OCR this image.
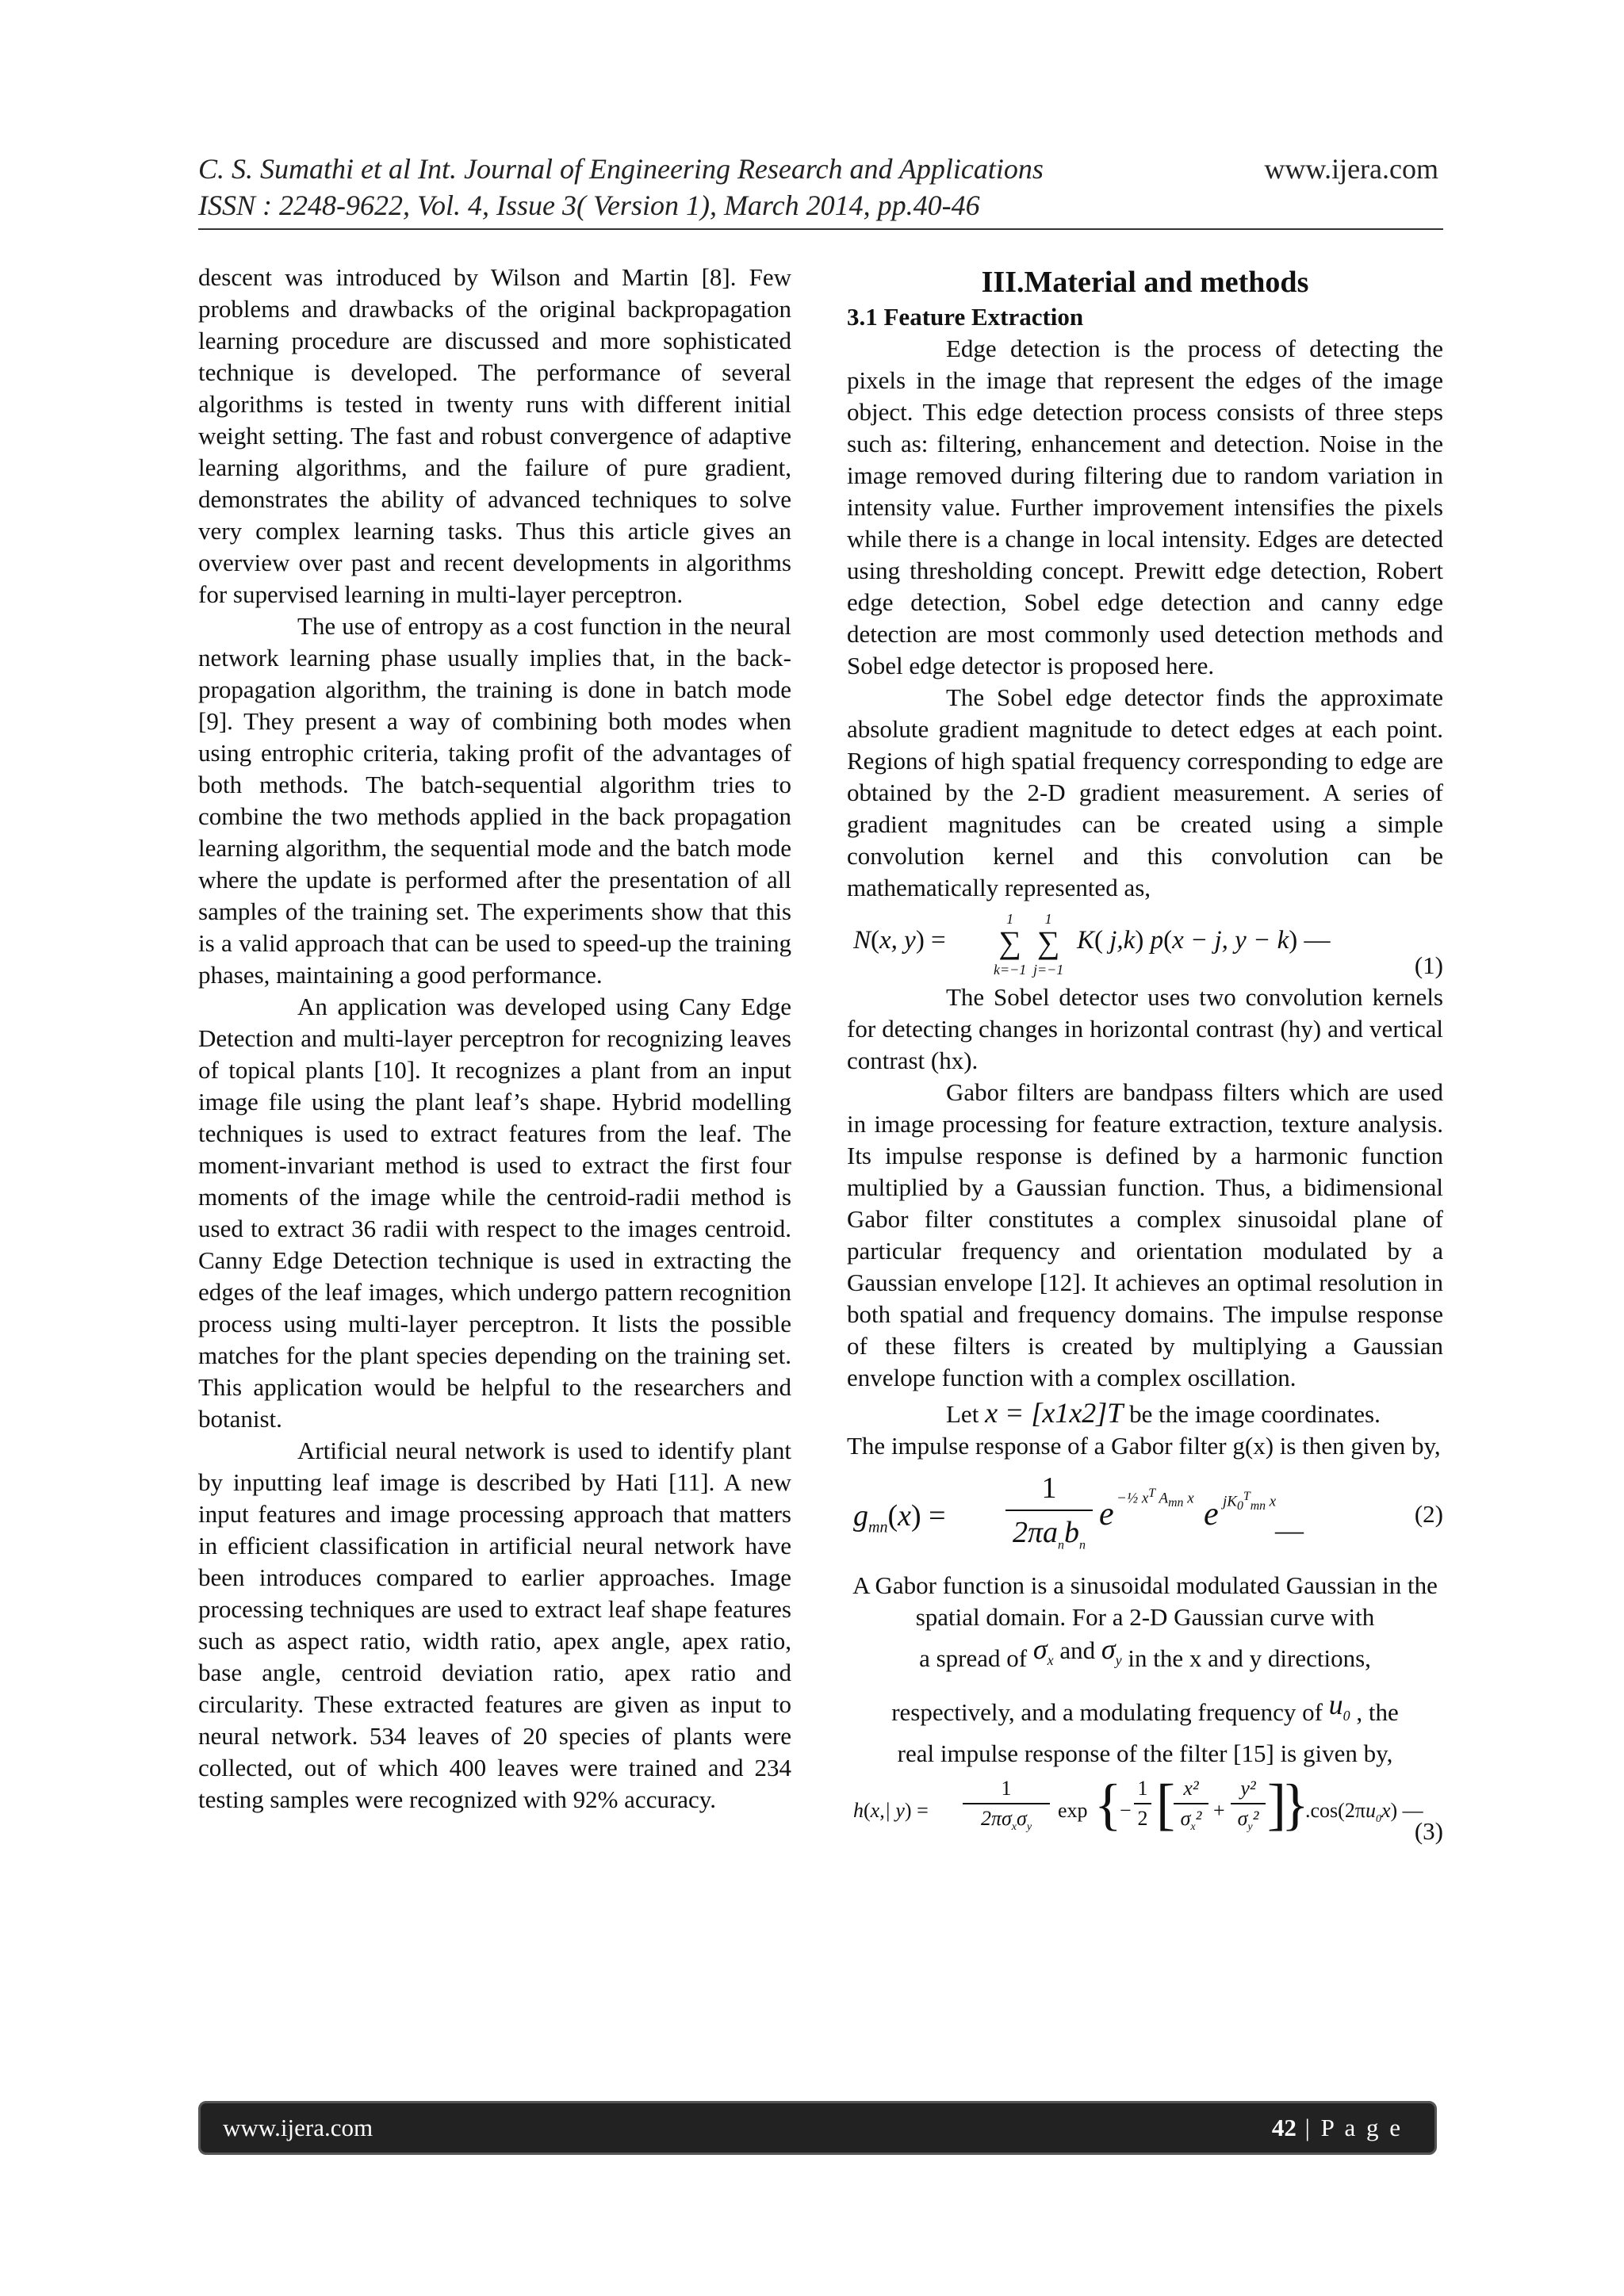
C. S. Sumathi et al Int. Journal of Engineering Research and Applications
ISSN : 2248-9622, Vol. 4, Issue 3( Version 1), March 2014, pp.40-46
www.ijera.com

descent was introduced by Wilson and Martin [8]. Few problems and drawbacks of the original backpropagation learning procedure are discussed and more sophisticated technique is developed. The performance of several algorithms is tested in twenty runs with different initial weight setting. The fast and robust convergence of adaptive learning algorithms, and the failure of pure gradient, demonstrates the ability of advanced techniques to solve very complex learning tasks. Thus this article gives an overview over past and recent developments in algorithms for supervised learning in multi-layer perceptron.

The use of entropy as a cost function in the neural network learning phase usually implies that, in the back-propagation algorithm, the training is done in batch mode [9]. They present a way of combining both modes when using entrophic criteria, taking profit of the advantages of both methods. The batch-sequential algorithm tries to combine the two methods applied in the back propagation learning algorithm, the sequential mode and the batch mode where the update is performed after the presentation of all samples of the training set. The experiments show that this is a valid approach that can be used to speed-up the training phases, maintaining a good performance.

An application was developed using Cany Edge Detection and multi-layer perceptron for recognizing leaves of topical plants [10]. It recognizes a plant from an input image file using the plant leaf’s shape. Hybrid modelling techniques is used to extract features from the leaf. The moment-invariant method is used to extract the first four moments of the image while the centroid-radii method is used to extract 36 radii with respect to the images centroid. Canny Edge Detection technique is used in extracting the edges of the leaf images, which undergo pattern recognition process using multi-layer perceptron. It lists the possible matches for the plant species depending on the training set. This application would be helpful to the researchers and botanist.

Artificial neural network is used to identify plant by inputting leaf image is described by Hati [11]. A new input features and image processing approach that matters in efficient classification in artificial neural network have been introduces compared to earlier approaches. Image processing techniques are used to extract leaf shape features such as aspect ratio, width ratio, apex angle, apex ratio, base angle, centroid deviation ratio, apex ratio and circularity. These extracted features are given as input to neural network. 534 leaves of 20 species of plants were collected, out of which 400 leaves were trained and 234 testing samples were recognized with 92% accuracy.

III.Material and methods
3.1 Feature Extraction

Edge detection is the process of detecting the pixels in the image that represent the edges of the image object. This edge detection process consists of three steps such as: filtering, enhancement and detection. Noise in the image removed during filtering due to random variation in intensity value. Further improvement intensifies the pixels while there is a change in local intensity. Edges are detected using thresholding concept. Prewitt edge detection, Robert edge detection, Sobel edge detection and canny edge detection are most commonly used detection methods and Sobel edge detector is proposed here.

The Sobel edge detector finds the approximate absolute gradient magnitude to detect edges at each point. Regions of high spatial frequency corresponding to edge are obtained by the 2-D gradient measurement. A series of gradient magnitudes can be created using a simple convolution kernel and this convolution can be mathematically represented as,

N(x, y) =
1
∑
k=−1
1
∑
j=−1
K( j,k) p(x − j, y − k) —
(1)

The Sobel detector uses two convolution kernels for detecting changes in horizontal contrast (hy) and vertical contrast (hx).

Gabor filters are bandpass filters which are used in image processing for feature extraction, texture analysis. Its impulse response is defined by a harmonic function multiplied by a Gaussian function. Thus, a bidimensional Gabor filter constitutes a complex sinusoidal plane of particular frequency and orientation modulated by a Gaussian envelope [12]. It achieves an optimal resolution in both spatial and frequency domains. The impulse response of these filters is created by multiplying a Gaussian envelope function with a complex oscillation.

Let x = [x1x2]T be the image coordinates.

The impulse response of a Gabor filter g(x) is then given by,

$g_{mn}(x)$ =
1
$2\pi a_nb_n$
e −½ $x^T$ $A_{mn}$ x e $jK_0^T_{mn}$ x
—
(2)

A Gabor function is a sinusoidal modulated Gaussian in the spatial domain. For a 2-D Gaussian curve with

a spread of $\sigma_x$ and $\sigma_y$ in the x and y directions,

respectively, and a modulating frequency of $u_0$ , the

real impulse response of the filter [15] is given by,

h(x,| y) =
1
$2\pi\sigma_x\sigma_y$
exp {
−
1
2 [ x²
$\sigma_x^2$ +
y²
$\sigma_y^2$ ]
}
$.\cos(2\pi u_0x)$ —
(3)
www.ijera.com	42 | P a g e
